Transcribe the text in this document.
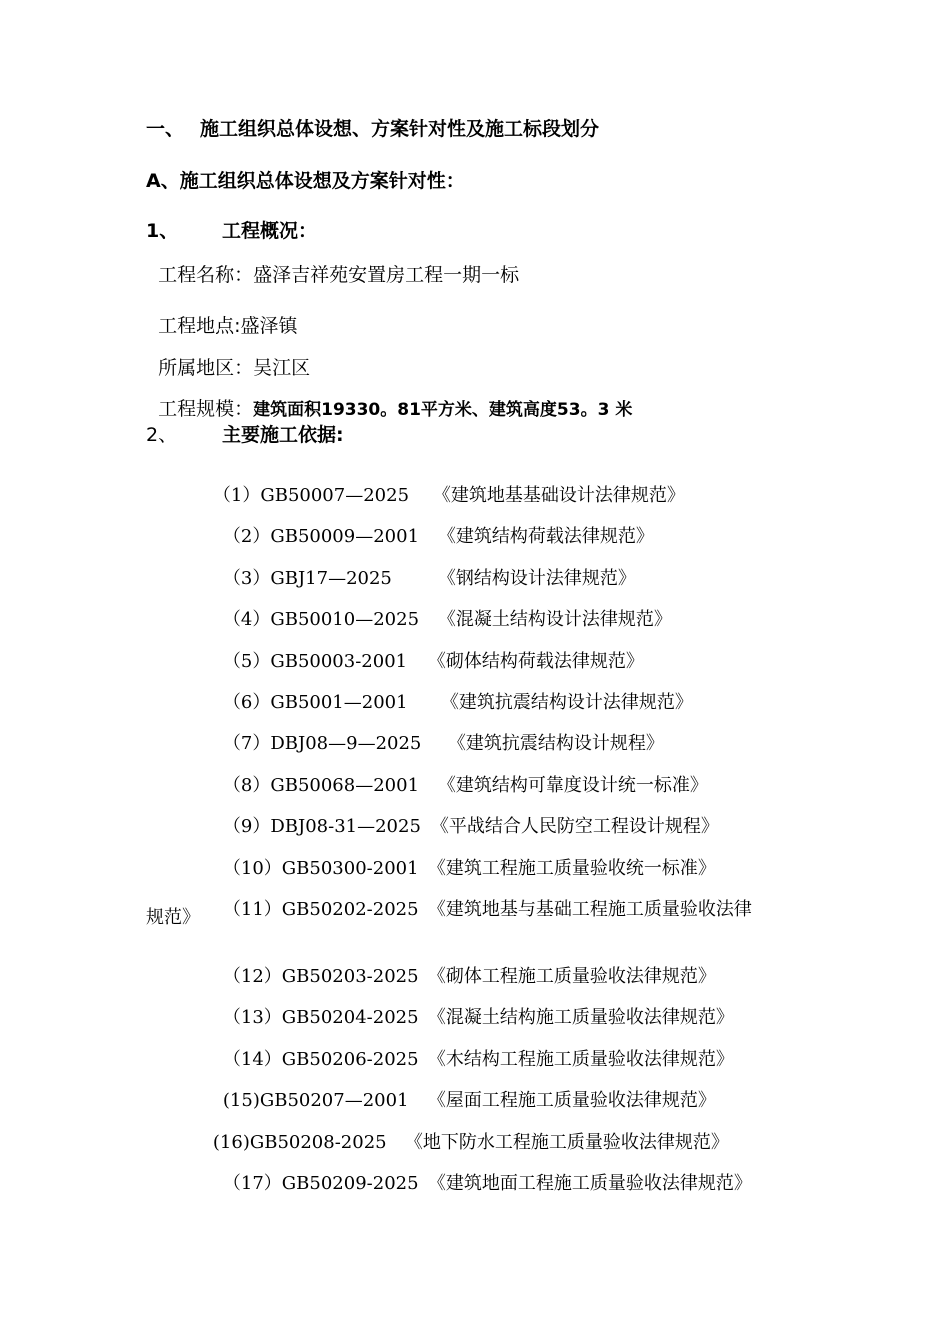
一、 施工组织总体设想、方案针对性及施工标段划分
A、施工组织总体设想及方案针对性：
1、 工程概况：

工程名称：盛泽吉祥苑安置房工程一期一标

工程地点:盛泽镇

所属地区：吴江区

工程规模：建筑面积19330。81平方米、建筑高度53。3 米

2、 主要施工依据:

（1）GB50007—2025 《建筑地基基础设计法律规范》

（2）GB50009—2001 《建筑结构荷载法律规范》

（3）GBJ17—2025	《钢结构设计法律规范》

（4）GB50010—2025 《混凝土结构设计法律规范》

（5）GB50003-2001 《砌体结构荷载法律规范》

（6）GB5001—2001 《建筑抗震结构设计法律规范》

（7）DBJ08—9—2025 《建筑抗震结构设计规程》

（8）GB50068—2001 《建筑结构可靠度设计统一标准》

（9）DBJ08-31—2025 《平战结合人民防空工程设计规程》

（10）GB50300-2001 《建筑工程施工质量验收统一标准》

（11）GB50202-2025 《建筑地基与基础工程施工质量验收法律

规范》

（12）GB50203-2025 《砌体工程施工质量验收法律规范》

（13）GB50204-2025 《混凝土结构施工质量验收法律规范》

（14）GB50206-2025 《木结构工程施工质量验收法律规范》

(15)GB50207—2001 《屋面工程施工质量验收法律规范》

(16)GB50208-2025 《地下防水工程施工质量验收法律规范》

（17）GB50209-2025 《建筑地面工程施工质量验收法律规范》
